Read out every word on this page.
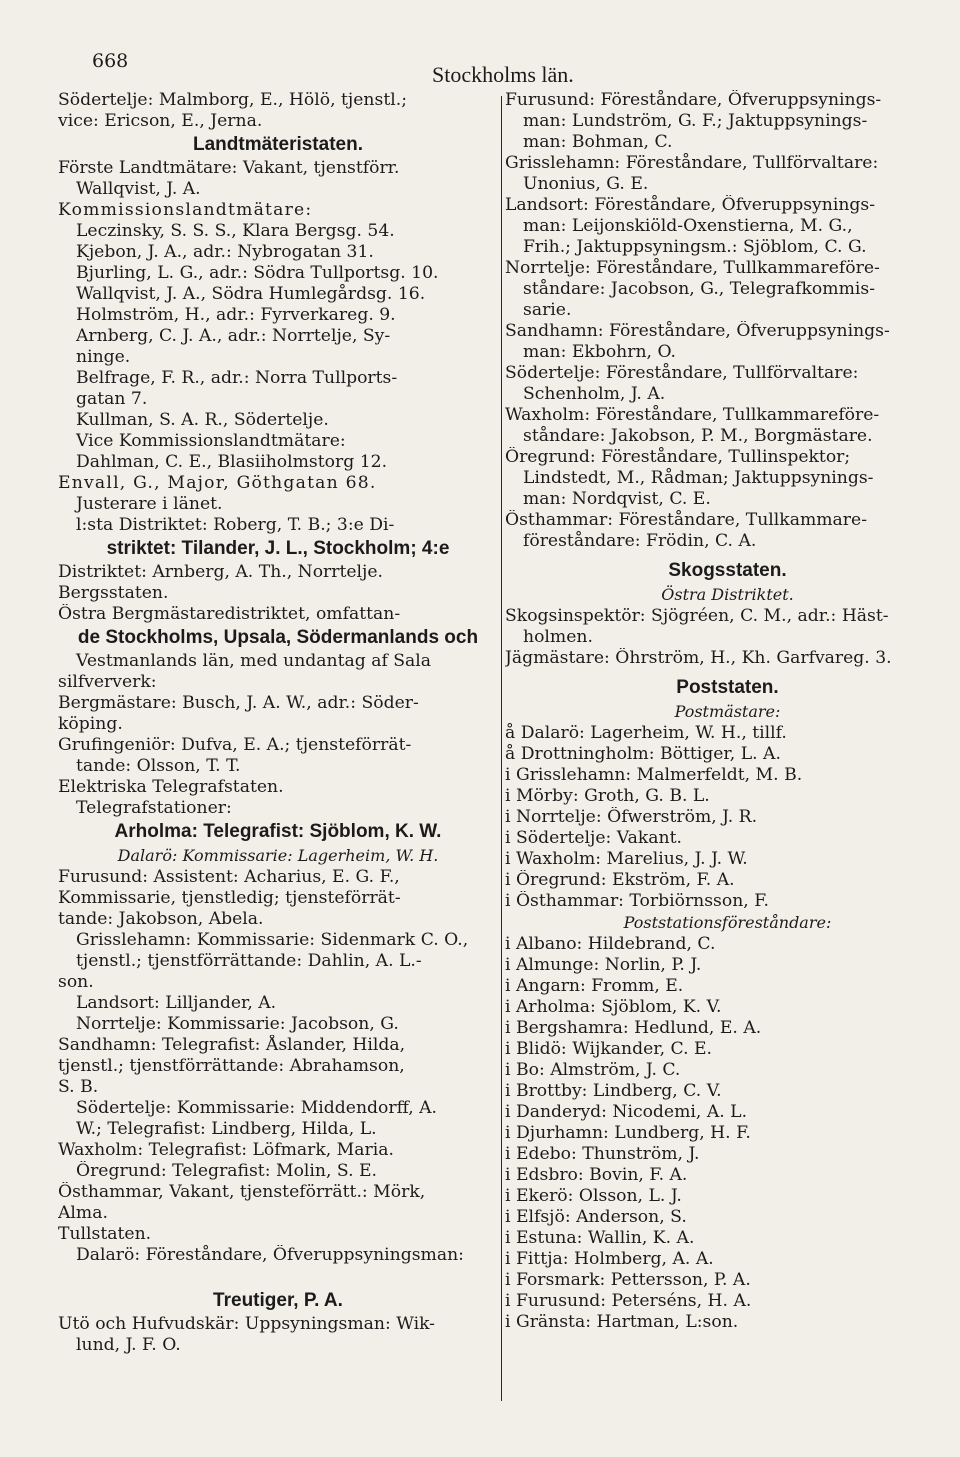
668
Stockholms län.
Södertelje: Malmborg, E., Hölö, tjenstl.;
vice: Ericson, E., Jerna.
Landtmäteristaten.
Förste Landtmätare: Vakant, tjenstförr.
Wallqvist, J. A.
Kommissionslandtmätare:
Leczinsky, S. S. S., Klara Bergsg. 54.
Kjebon, J. A., adr.: Nybrogatan 31.
Bjurling, L. G., adr.: Södra Tullportsg. 10.
Wallqvist, J. A., Södra Humlegårdsg. 16.
Holmström, H., adr.: Fyrverkareg. 9.
Arnberg, C. J. A., adr.: Norrtelje, Sy-
ninge.
Belfrage, F. R., adr.: Norra Tullports-
gatan 7.
Kullman, S. A. R., Södertelje.
Vice Kommissionslandtmätare:
Dahlman, C. E., Blasiiholmstorg 12.
Envall, G., Major, Göthgatan 68.
Justerare i länet.
l:sta Distriktet: Roberg, T. B.; 3:e Di-
striktet: Tilander, J. L., Stockholm; 4:e
Distriktet: Arnberg, A. Th., Norrtelje.
Bergsstaten.
Östra Bergmästaredistriktet, omfattan-
de Stockholms, Upsala, Södermanlands och
Vestmanlands län, med undantag af Sala
silfververk:
Bergmästare: Busch, J. A. W., adr.: Söder-
köping.
Grufingeniör: Dufva, E. A.; tjensteförrät-
tande: Olsson, T. T.
Elektriska Telegrafstaten.
Telegrafstationer:
Arholma: Telegrafist: Sjöblom, K. W.
Dalarö: Kommissarie: Lagerheim, W. H.
Furusund: Assistent: Acharius, E. G. F.,
Kommissarie, tjenstledig; tjensteförrät-
tande: Jakobson, Abela.
Grisslehamn: Kommissarie: Sidenmark C. O.,
tjenstl.; tjenstförrättande: Dahlin, A. L.-
son.
Landsort: Lilljander, A.
Norrtelje: Kommissarie: Jacobson, G.
Sandhamn: Telegrafist: Åslander, Hilda,
tjenstl.; tjenstförrättande: Abrahamson,
S. B.
Södertelje: Kommissarie: Middendorff, A.
W.; Telegrafist: Lindberg, Hilda, L.
Waxholm: Telegrafist: Löfmark, Maria.
Öregrund: Telegrafist: Molin, S. E.
Östhammar, Vakant, tjensteförrätt.: Mörk,
Alma.
Tullstaten.
Dalarö: Föreståndare, Öfveruppsyningsman:
Treutiger, P. A.
Utö och Hufvudskär: Uppsyningsman: Wik-
lund, J. F. O.
Furusund: Föreståndare, Öfveruppsynings-
man: Lundström, G. F.; Jaktuppsynings-
man: Bohman, C.
Grisslehamn: Föreståndare, Tullförvaltare:
Unonius, G. E.
Landsort: Föreståndare, Öfveruppsynings-
man: Leijonskiöld-Oxenstierna, M. G.,
Frih.; Jaktuppsyningsm.: Sjöblom, C. G.
Norrtelje: Föreståndare, Tullkammareföre-
ståndare: Jacobson, G., Telegrafkommis-
sarie.
Sandhamn: Föreståndare, Öfveruppsynings-
man: Ekbohrn, O.
Södertelje: Föreståndare, Tullförvaltare:
Schenholm, J. A.
Waxholm: Föreståndare, Tullkammareföre-
ståndare: Jakobson, P. M., Borgmästare.
Öregrund: Föreståndare, Tullinspektor;
Lindstedt, M., Rådman; Jaktuppsynings-
man: Nordqvist, C. E.
Östhammar: Föreståndare, Tullkammare-
föreståndare: Frödin, C. A.
Skogsstaten.
Östra Distriktet.
Skogsinspektör: Sjögréen, C. M., adr.: Häst-
holmen.
Jägmästare: Öhrström, H., Kh. Garfvareg. 3.
Poststaten.
Postmästare:
å Dalarö: Lagerheim, W. H., tillf.
å Drottningholm: Böttiger, L. A.
i Grisslehamn: Malmerfeldt, M. B.
i Mörby: Groth, G. B. L.
i Norrtelje: Öfwerström, J. R.
i Södertelje: Vakant.
i Waxholm: Marelius, J. J. W.
i Öregrund: Ekström, F. A.
i Östhammar: Torbiörnsson, F.
Poststationsföreståndare:
i Albano: Hildebrand, C.
i Almunge: Norlin, P. J.
i Angarn: Fromm, E.
i Arholma: Sjöblom, K. V.
i Bergshamra: Hedlund, E. A.
i Blidö: Wijkander, C. E.
i Bo: Almström, J. C.
i Brottby: Lindberg, C. V.
i Danderyd: Nicodemi, A. L.
i Djurhamn: Lundberg, H. F.
i Edebo: Thunström, J.
i Edsbro: Bovin, F. A.
i Ekerö: Olsson, L. J.
i Elfsjö: Anderson, S.
i Estuna: Wallin, K. A.
i Fittja: Holmberg, A. A.
i Forsmark: Pettersson, P. A.
i Furusund: Peterséns, H. A.
i Gränsta: Hartman, L:son.
